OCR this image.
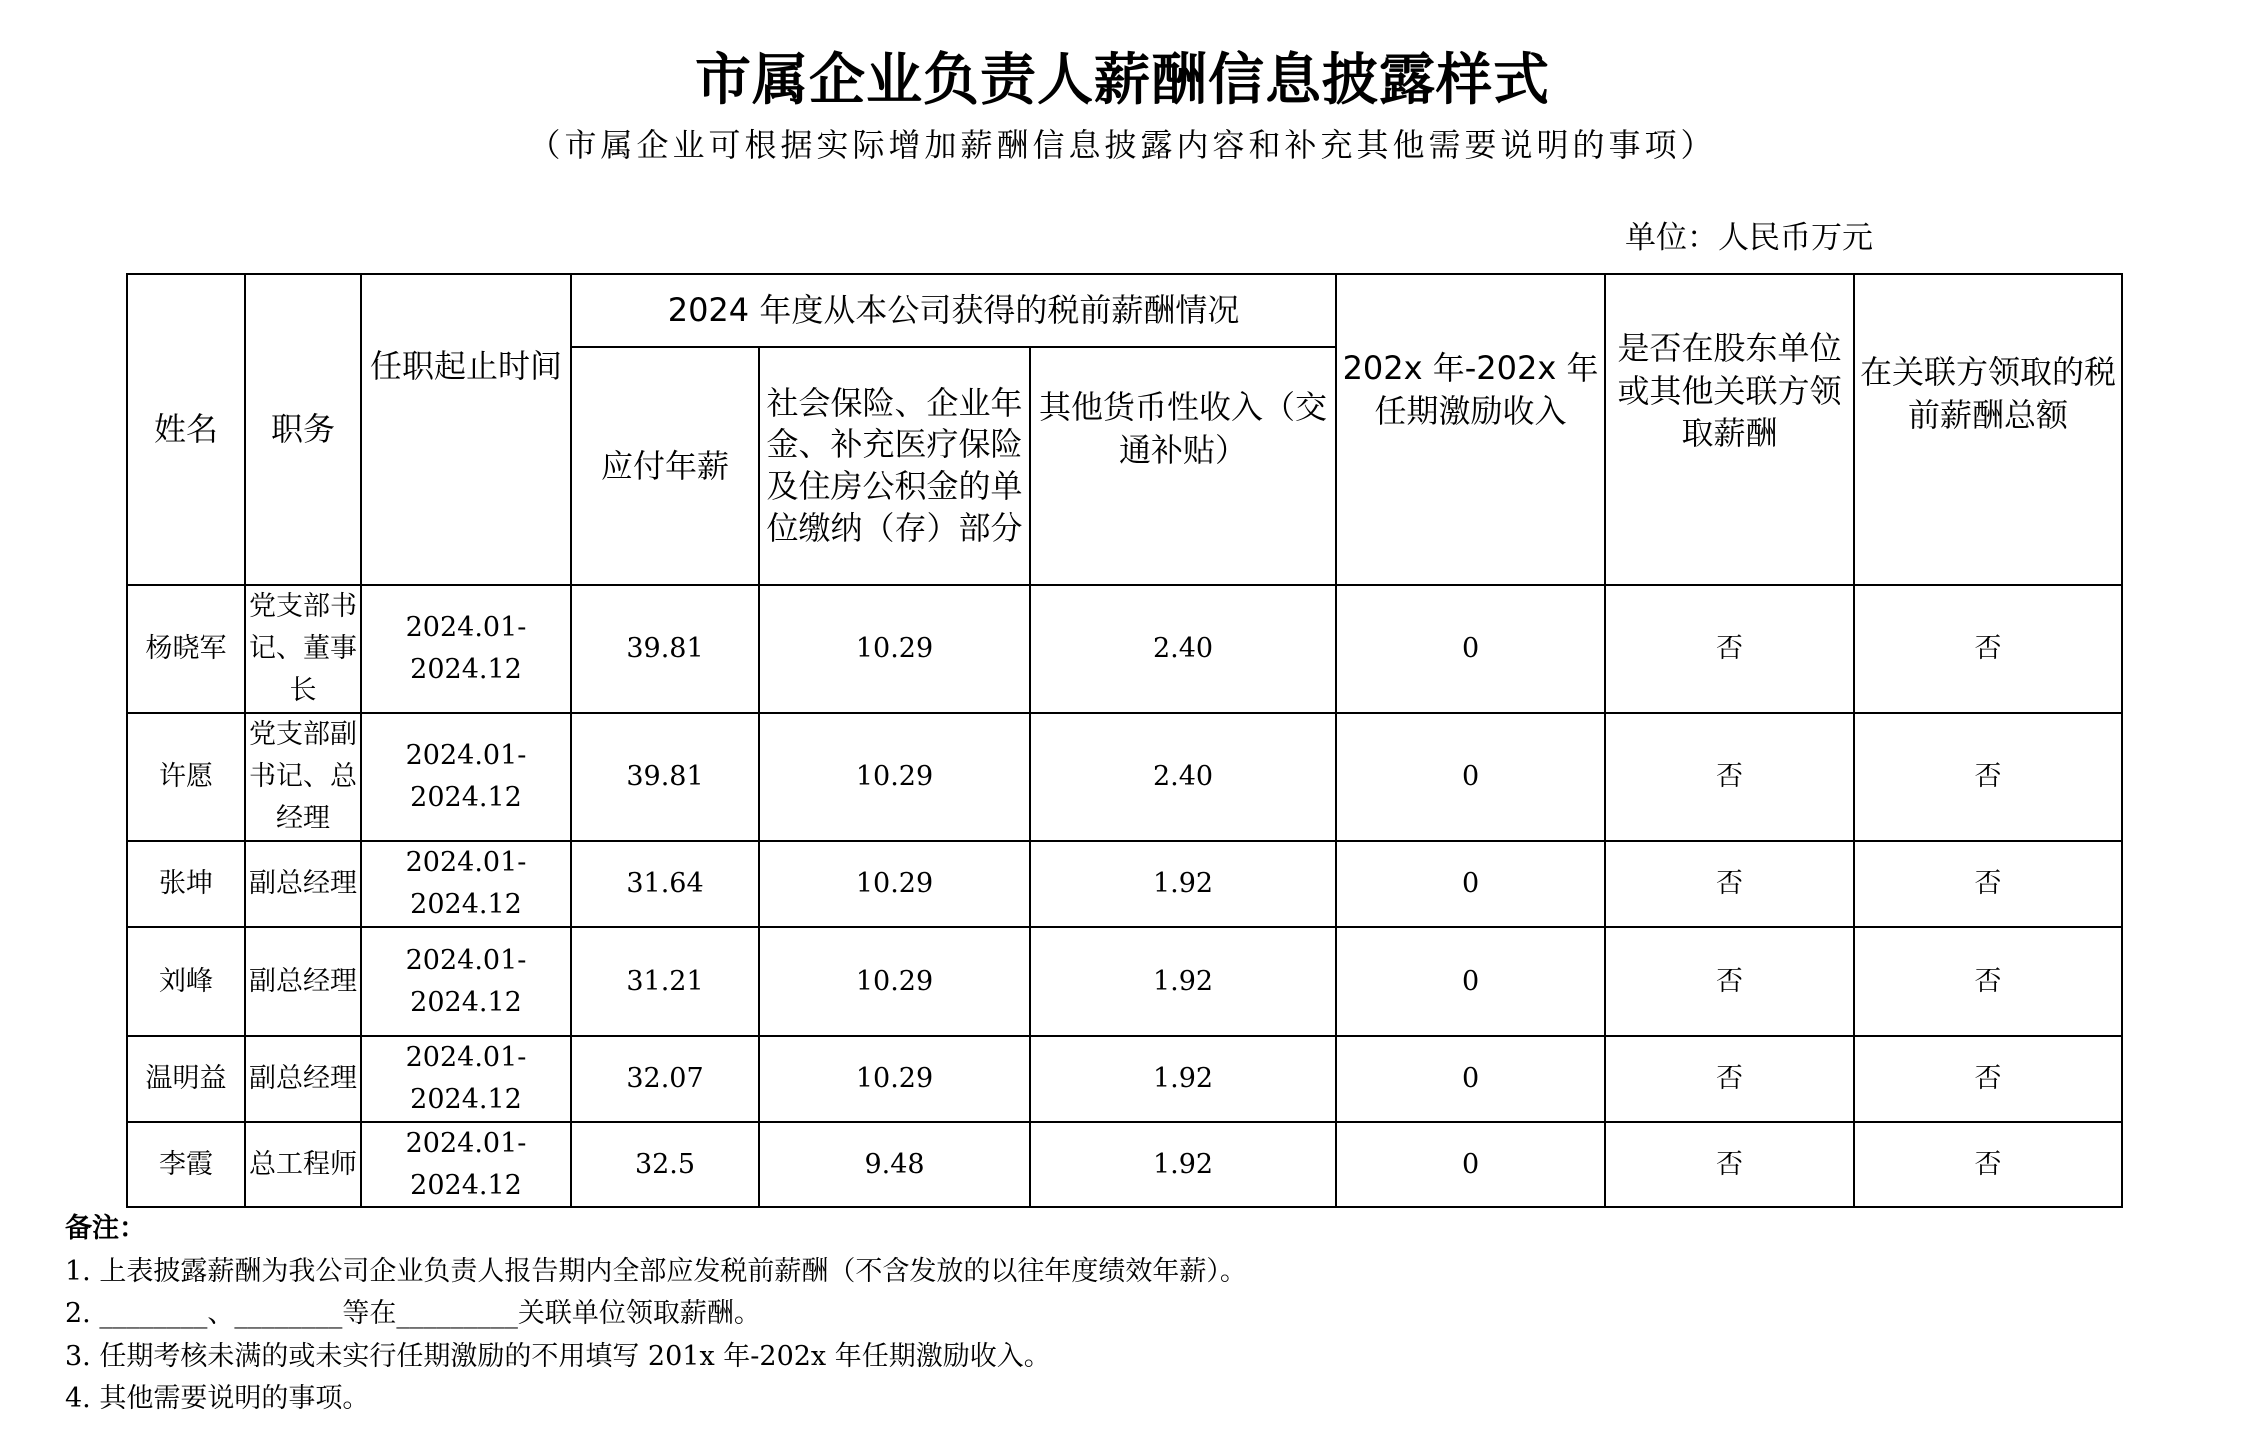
市属企业负责人薪酬信息披露样式
（市属企业可根据实际增加薪酬信息披露内容和补充其他需要说明的事项）
单位：人民币万元
姓名	职务	任职起止时间	2024 年度从本公司获得的税前薪酬情况			202x 年-202x 年任期激励收入	是否在股东单位或其他关联方领取薪酬	在关联方领取的税前薪酬总额
			应付年薪	社会保险、企业年金、补充医疗保险及住房公积金的单位缴纳（存）部分	其他货币性收入（交通补贴）			
杨晓军	党支部书记、董事长	2024.01-2024.12	39.81	10.29	2.40	0	否	否
许愿	党支部副书记、总经理	2024.01-2024.12	39.81	10.29	2.40	0	否	否
张坤	副总经理	2024.01-2024.12	31.64	10.29	1.92	0	否	否
刘峰	副总经理	2024.01-2024.12	31.21	10.29	1.92	0	否	否
温明益	副总经理	2024.01-2024.12	32.07	10.29	1.92	0	否	否
李霞	总工程师	2024.01-2024.12	32.5	9.48	1.92	0	否	否
备注：
1. 上表披露薪酬为我公司企业负责人报告期内全部应发税前薪酬（不含发放的以往年度绩效年薪）。
2. ________、________等在_________关联单位领取薪酬。
3. 任期考核未满的或未实行任期激励的不用填写 201x 年-202x 年任期激励收入。
4. 其他需要说明的事项。
